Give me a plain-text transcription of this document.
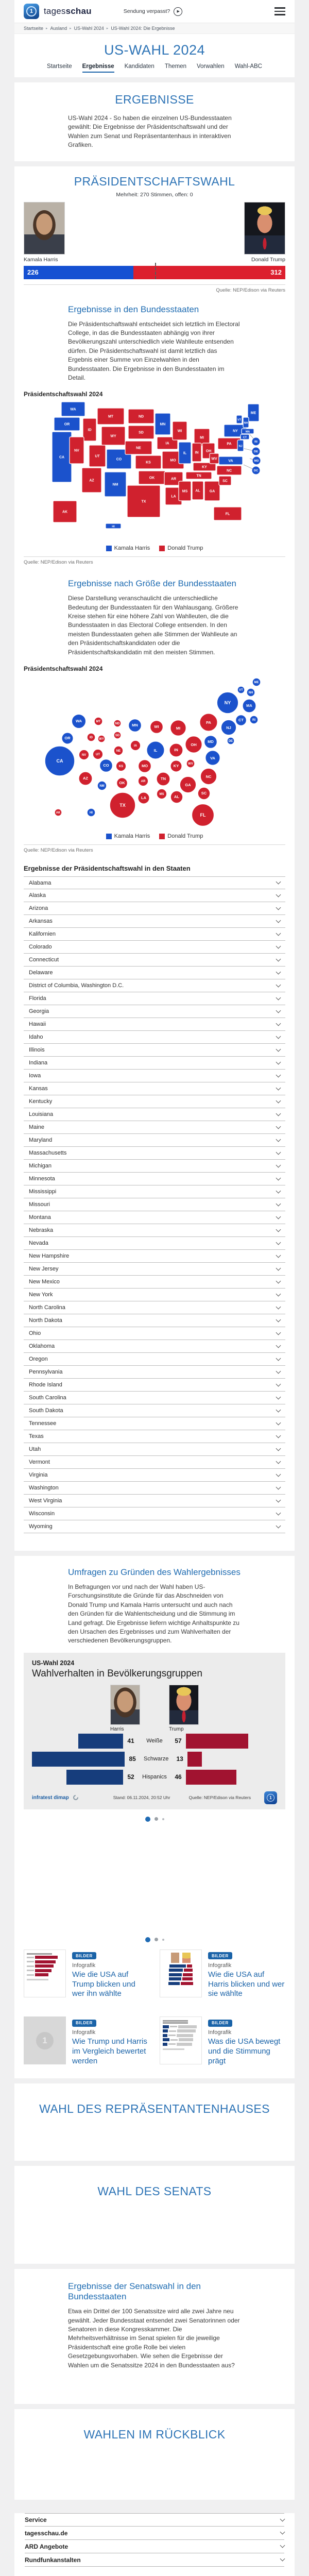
1	tagesschau	Sendung verpasst?	▶
Startseite ▸ Ausland ▸ US-Wahl 2024 ▸ US-Wahl 2024: Die Ergebnisse
US-WAHL 2024
Startseite Ergebnisse Kandidaten Themen Vorwahlen Wahl-ABC
ERGEBNISSE

US-Wahl 2024 - So haben die einzelnen US-Bundesstaaten gewählt: Die Ergebnisse der Präsidentschaftswahl und der Wahlen zum Senat und Repräsentantenhaus in interaktiven Grafiken.

PRÄSIDENTSCHAFTSWAHL
Mehrheit: 270 Stimmen, offen: 0
Kamala Harris	Donald Trump
226	312
Quelle: NEP/Edison via Reuters
Ergebnisse in den Bundesstaaten

Die Präsidentschaftswahl entscheidet sich letztlich im Electoral College, in das die Bundesstaaten abhängig von ihrer Bevölkerungszahl unterschiedlich viele Wahlleute entsenden dürfen. Die Präsidentschaftswahl ist damit letztlich das Ergebnis einer Summe von Einzelwahlen in den Bundesstaaten. Die Ergebnisse in den Bundesstaaten im Detail.

Präsidentschaftswahl 2024
WA
OR
CA
ID
NV
UT
AZ
MT
WY
CO
NM
ND
SD
NE
KS
OK
TX
MN
IA
MO
AR
LA
WI
IL
MS
MI
IN OH
KY
TN
AL
WV
GA
FL
SC
NC
VA
PA
NY
ME
VT
NH
MA
CT
NJ
AK
HI
RI
DE
MD
DC
Kamala Harris	Donald Trump
Quelle: NEP/Edison via Reuters
Ergebnisse nach Größe der Bundesstaaten

Diese Darstellung veranschaulicht die unterschiedliche Bedeutung der Bundesstaaten für den Wahlausgang. Größere Kreise stehen für eine höhere Zahl von Wahlleuten, die die Bundesstaaten in das Electoral College entsenden. In den meisten Bundesstaaten gehen alle Stimmen der Wahlleute an den Präsidentschaftskandidaten oder die Präsidentschaftskandidatin mit den meisten Stimmen.

Präsidentschaftswahl 2024
ME
VT
NH
NY
MA
WA	MT
ND	MN	WI	MI
PA
CT	RI
NJ
OR	ID WY
SD
IA	OH
MD	DE
CA
NV	UT
NE	IL	IN
VA
CO	KS	MO	KY	WV
NC
AZ
NM
OK	AR
TN
GA
SC
MS	AL
LA
TX
AK	HI	FL
Kamala Harris	Donald Trump
Quelle: NEP/Edison via Reuters
Ergebnisse der Präsidentschaftswahl in den Staaten
Alabama
Alaska
Arizona
Arkansas
Kalifornien
Colorado
Connecticut
Delaware
District of Columbia, Washington D.C.
Florida
Georgia
Hawaii
Idaho
Illinois
Indiana
Iowa
Kansas
Kentucky
Louisiana
Maine
Maryland
Massachusetts
Michigan
Minnesota
Mississippi
Missouri
Montana
Nebraska
Nevada
New Hampshire
New Jersey
New Mexico
New York
North Carolina
North Dakota
Ohio
Oklahoma
Oregon
Pennsylvania
Rhode Island
South Carolina
South Dakota
Tennessee
Texas
Utah
Vermont
Virginia
Washington
West Virginia
Wisconsin
Wyoming
Umfragen zu Gründen des Wahlergebnisses

In Befragungen vor und nach der Wahl haben US-Forschungsinstitute die Gründe für das Abschneiden von Donald Trump und Kamala Harris untersucht und auch nach den Gründen für die Wahlentscheidung und die Stimmung im Land gefragt. Die Ergebnisse liefern wichtige Anhaltspunkte zu den Ursachen des Ergebnisses und zum Wahlverhalten der verschiedenen Bevölkerungsgruppen.

US-Wahl 2024
Wahlverhalten in Bevölkerungsgruppen
Harris	Trump
41	Weiße	57
85	Schwarze	13
52	Hispanics	46
infratest dimap	Stand: 06.11.2024, 20:52 Uhr	Quelle: NEP/Edison via Reuters	1
BILDER
Infografik
Wie die USA auf Trump blicken und wer ihn wählte
BILDER
Infografik
Wie die USA auf Harris blicken und wer sie wählte
1
BILDER
Infografik
Wie Trump und Harris im Vergleich bewertet werden
BILDER
Infografik
Was die USA bewegt und die Stimmung prägt
WAHL DES REPRÄSENTANTENHAUSES
WAHL DES SENATS
Ergebnisse der Senatswahl in den Bundesstaaten

Etwa ein Drittel der 100 Senatssitze wird alle zwei Jahre neu gewählt. Jeder Bundesstaat entsendet zwei Senatorinnen oder Senatoren in diese Kongresskammer. Die Mehrheitsverhältnisse im Senat spielen für die jeweilige Präsidentschaft eine große Rolle bei vielen Gesetzgebungsvorhaben. Wie sehen die Ergebnisse der Wahlen um die Senatssitze 2024 in den Bundesstaaten aus?

WAHLEN IM RÜCKBLICK
Service
tagesschau.de
ARD Angebote
Rundfunkanstalten
